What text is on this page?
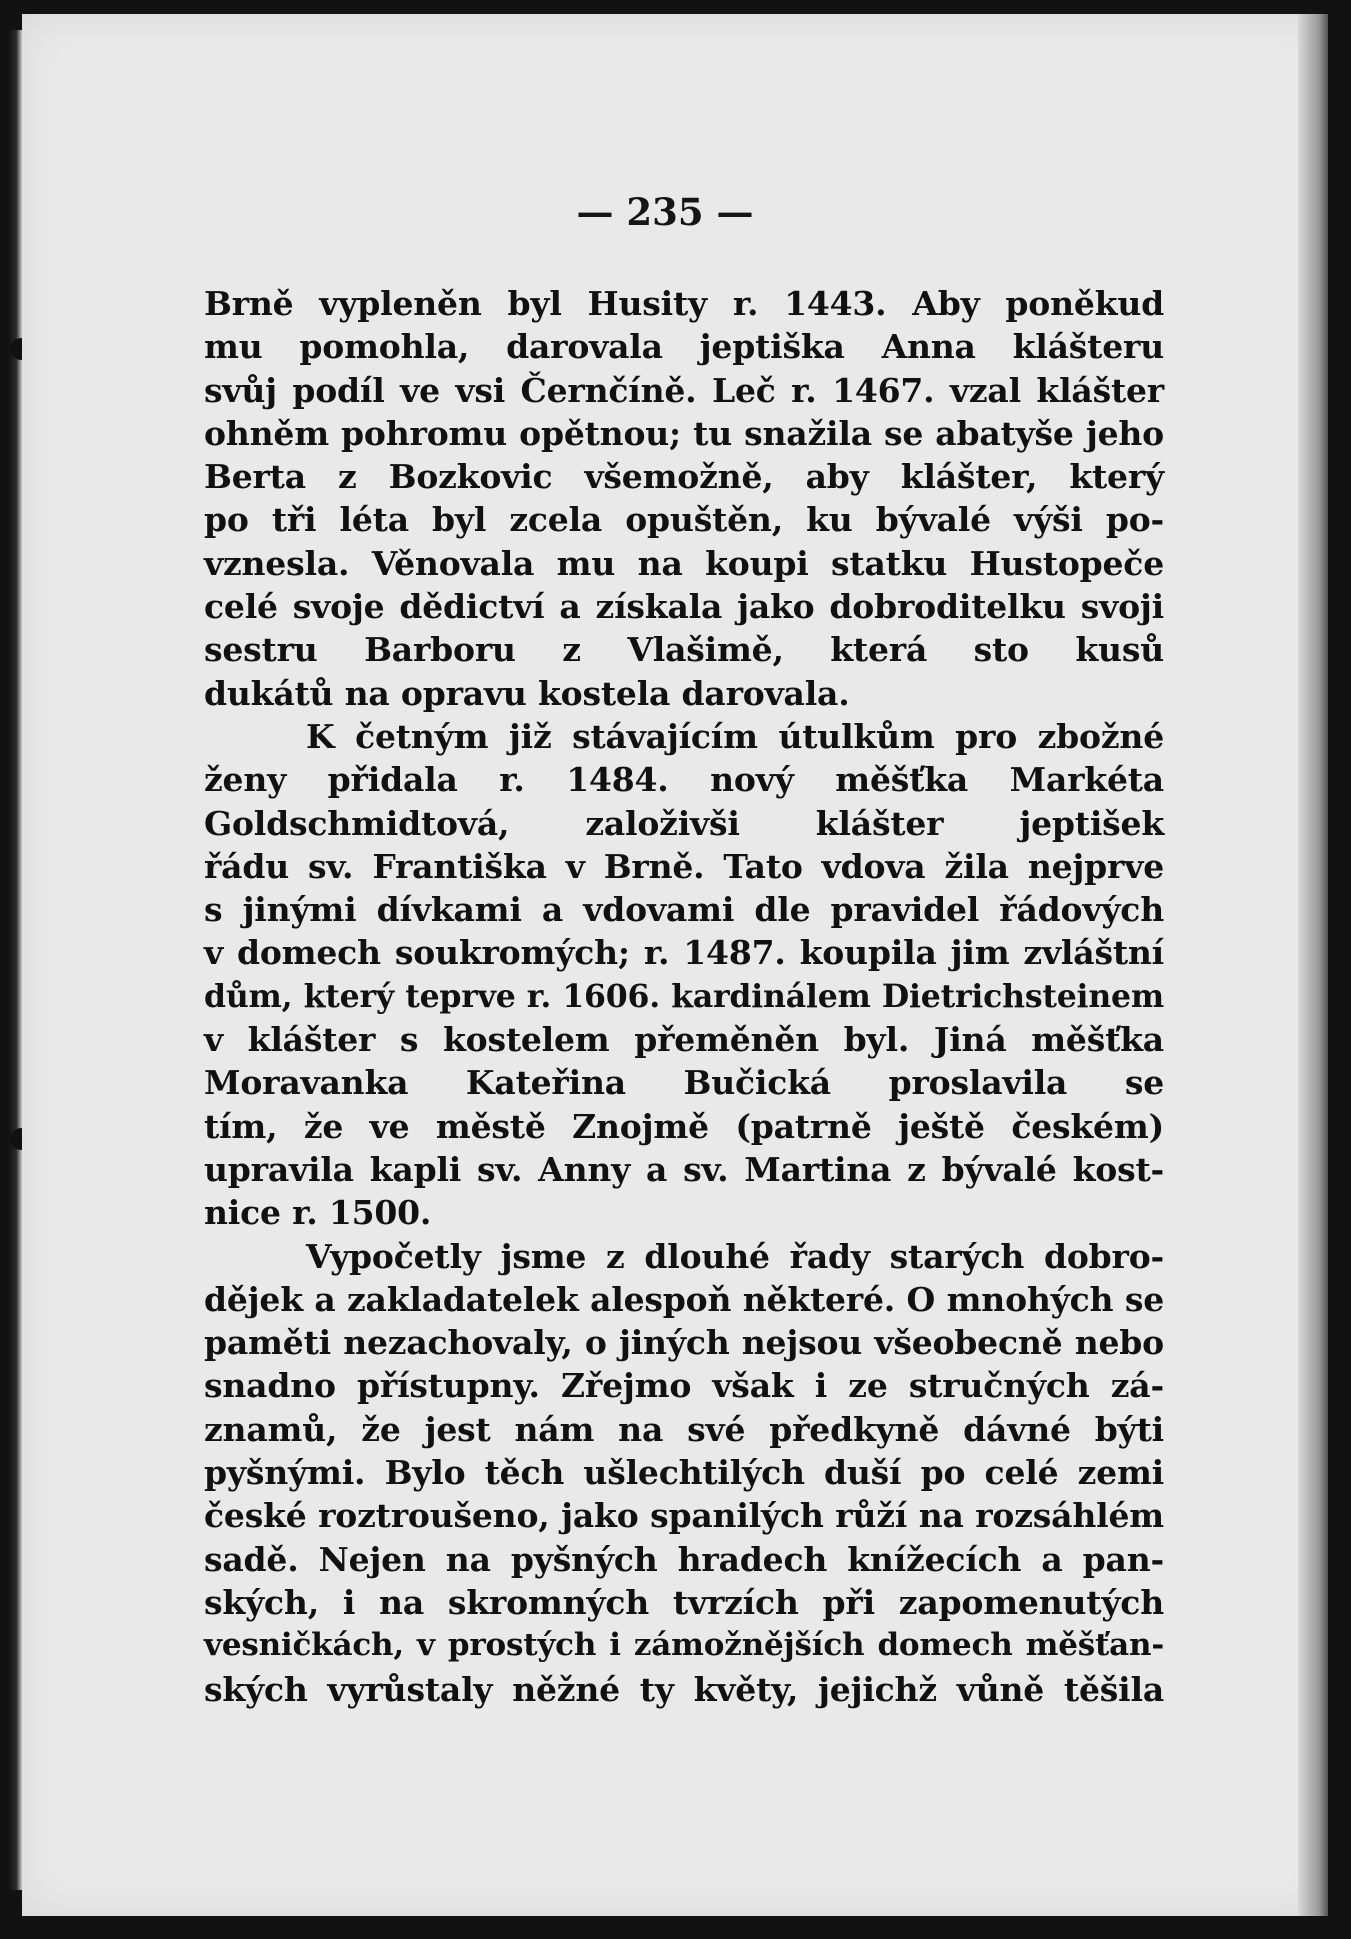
— 235 —
Brně vypleněn byl Husity r. 1443. Aby poněkud
mu pomohla, darovala jeptiška Anna klášteru
svůj podíl ve vsi Černčíně. Leč r. 1467. vzal klášter
ohněm pohromu opětnou; tu snažila se abatyše jeho
Berta z Bozkovic všemožně, aby klášter, který
po tři léta byl zcela opuštěn, ku bývalé výši po-
vznesla. Věnovala mu na koupi statku Hustopeče
celé svoje dědictví a získala jako dobroditelku svoji
sestru Barboru z Vlašimě, která sto kusů
dukátů na opravu kostela darovala.
K četným již stávajícím útulkům pro zbožné
ženy přidala r. 1484. nový měšťka Markéta
Goldschmidtová, založivši klášter jeptišek
řádu sv. Františka v Brně. Tato vdova žila nejprve
s jinými dívkami a vdovami dle pravidel řádových
v domech soukromých; r. 1487. koupila jim zvláštní
dům, který teprve r. 1606. kardinálem Dietrichsteinem
v klášter s kostelem přeměněn byl. Jiná měšťka
Moravanka Kateřina Bučická proslavila se
tím, že ve městě Znojmě (patrně ještě českém)
upravila kapli sv. Anny a sv. Martina z bývalé kost-
nice r. 1500.
Vypočetly jsme z dlouhé řady starých dobro-
dějek a zakladatelek alespoň některé. O mnohých se
paměti nezachovaly, o jiných nejsou všeobecně nebo
snadno přístupny. Zřejmo však i ze stručných zá-
znamů, že jest nám na své předkyně dávné býti
pyšnými. Bylo těch ušlechtilých duší po celé zemi
české roztroušeno, jako spanilých růží na rozsáhlém
sadě. Nejen na pyšných hradech knížecích a pan-
ských, i na skromných tvrzích při zapomenutých
vesničkách, v prostých i zámožnějších domech měšťan-
ských vyrůstaly něžné ty květy, jejichž vůně těšila
